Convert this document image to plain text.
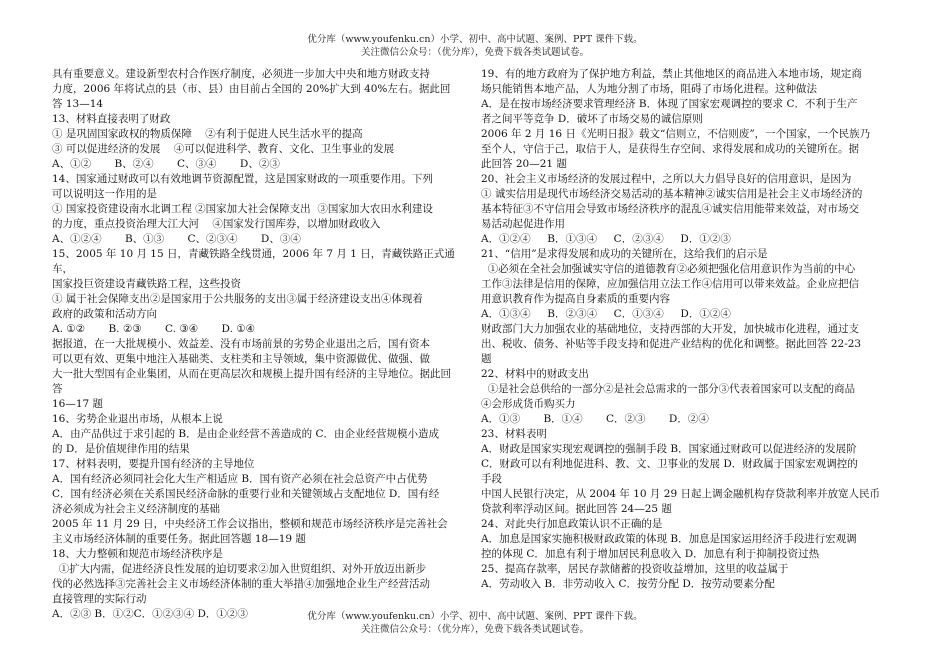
优分库（www.youfenku.cn）小学、初中、高中试题、案例、PPT 课件下载。
关注微信公众号：（优分库），免费下载各类试题试卷。

具有重要意义。建设新型农村合作医疗制度，必须进一步加大中央和地方财政支持

力度，2006 年将试点的县（市、县）由目前占全国的 20%扩大到 40%左右。据此回

答 13—14

13、材料直接表明了财政

① 是巩固国家政权的物质保障    ②有利于促进人民生活水平的提高

③ 可以促进经济的发展    ④可以促进科学、教育、文化、卫生事业的发展

A、①②       B、②④       C、③④       D、②③

14、国家通过财政可以有效地调节资源配置，这是国家财政的一项重要作用。下列

可以说明这一作用的是

① 国家投资建设南水北调工程 ②国家加大社会保障支出  ③国家加大农田水利建设

的力度，重点投资治理大江大河    ④国家发行国库券，以增加财政收入

A、①②④       B、①③       C、②③④       D、③④

15、2005 年 10 月 15 日，青藏铁路全线贯通，2006 年 7 月 1 日，青藏铁路正式通车，

国家投巨资建设青藏铁路工程，这些投资

① 属于社会保障支出②是国家用于公共服务的支出③属于经济建设支出④体现着

政府的政策和活动方向

A. ①②       B. ②③       C. ③④       D. ①④

据报道，在一大批规模小、效益差、没有市场前景的劣势企业退出之后，国有资本

可以更有效、更集中地注入基础类、支柱类和主导领域，集中资源做优、做强、做

大一批大型国有企业集团，从而在更高层次和规模上提升国有经济的主导地位。据此回

答

16—17 题

16、劣势企业退出市场，从根本上说

A．由产品供过于求引起的 B．是由企业经营不善造成的 C．由企业经营规模小造成

的 D．是价值规律作用的结果

17、材料表明，要提升国有经济的主导地位

A．国有经济必须同社会化大生产相适应 B．国有资产必须在社会总资产中占优势

C．国有经济必须在关系国民经济命脉的重要行业和关键领域占支配地位 D．国有经

济必须成为社会主义经济制度的基础

2005 年 11 月 29 日，中央经济工作会议指出，整顿和规范市场经济秩序是完善社会

主义市场经济体制的重要任务。据此回答题 18—19 题

18、大力整顿和规范市场经济秩序是

①扩大内需，促进经济良性发展的迫切要求②加入世贸组织、对外开放迈出新步

伐的必然选择③完善社会主义市场经济体制的重大举措④加强地企业生产经营活动

直接管理的实际行动

A．②③ B．①②C．①②③④ D．①②③

19、有的地方政府为了保护地方利益，禁止其他地区的商品进入本地市场，规定商

场只能销售本地产品，人为地分割了市场，阻碍了市场化进程。这种做法

A．是在按市场经济要求管理经济 B．体现了国家宏观调控的要求 C．不利于生产

者之间平等竞争 D．破坏了市场交易的诚信原则

2006 年 2 月 16 日《光明日报》载文“信则立，不信则废”，一个国家，一个民族乃

至个人，守信于己，取信于人，是获得生存空间、求得发展和成功的关键所在。据

此回答 20—21 题

20、社会主义市场经济的发展过程中，之所以大力倡导良好的信用意识，是因为

① 诚实信用是现代市场经济交易活动的基本精神②诚实信用是社会主义市场经济的

基本特征③不守信用会导致市场经济秩序的混乱④诚实信用能带来效益，对市场交

易活动起促进作用

A．①②④     B．①③④     C．②③④     D．①②③

21、“信用”是求得发展和成功的关键所在，这给我们的启示是

①必须在全社会加强诚实守信的道德教育②必须把强化信用意识作为当前的中心

工作③法律是信用的保障，应加强信用立法工作④信用可以带来效益。企业应把信

用意识教育作为提高自身素质的重要内容

A．①③④     B．②③④     C．①③④     D．①②④

财政部门大力加强农业的基础地位，支持西部的大开发，加快城市化进程，通过支

出、税收、债务、补贴等手段支持和促进产业结构的优化和调整。据此回答 22-23

题

22、材料中的财政支出

①是社会总供给的一部分②是社会总需求的一部分③代表着国家可以支配的商品

④会形成货币购买力

A．①③       B．①④       C．②③       D．②④

23、材料表明

A．财政是国家实现宏观调控的强制手段 B．国家通过财政可以促进经济的发展阶

C．财政可以有利地促进科、教、文、卫事业的发展 D．财政属于国家宏观调控的

手段

中国人民银行决定，从 2004 年 10 月 29 日起上调金融机构存贷款利率并放宽人民币

贷款利率浮动区间。据此回答 24—25 题

24、对此央行加息政策认识不正确的是

A．加息是国家实施积极财政政策的体现 B．加息是国家运用经济手段进行宏观调

控的体现 C．加息有利于增加居民利息收入 D．加息有利于抑制投资过热

25、提高存款率，居民存款储蓄的投资收益增加，这里的收益属于

A．劳动收入 B．非劳动收入 C．按劳分配 D．按劳动要素分配

优分库（www.youfenku.cn）小学、初中、高中试题、案例、PPT 课件下载。
关注微信公众号：（优分库），免费下载各类试题试卷。
